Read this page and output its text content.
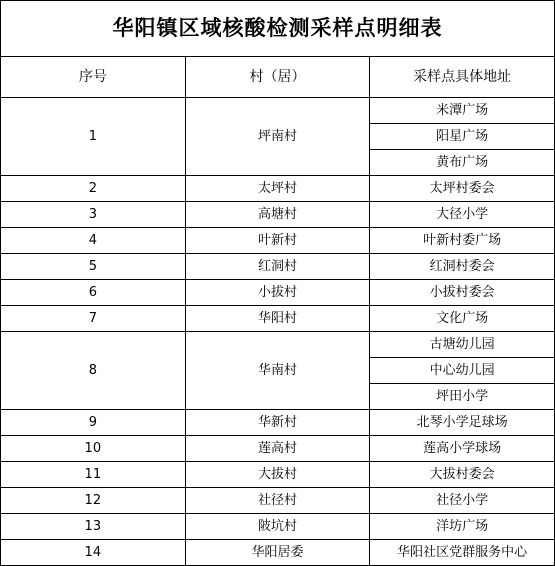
华阳镇区域核酸检测采样点明细表		
序号	村（居）	采样点具体地址
1	坪南村	米潭广场
		阳星广场
		黄布广场
2	太坪村	太坪村委会
3	高塘村	大径小学
4	叶新村	叶新村委广场
5	红洞村	红洞村委会
6	小拔村	小拔村委会
7	华阳村	文化广场
8	华南村	古塘幼儿园
		中心幼儿园
		坪田小学
9	华新村	北琴小学足球场
10	莲高村	莲高小学球场
11	大拔村	大拔村委会
12	社径村	社径小学
13	陂坑村	洋坊广场
14	华阳居委	华阳社区党群服务中心
